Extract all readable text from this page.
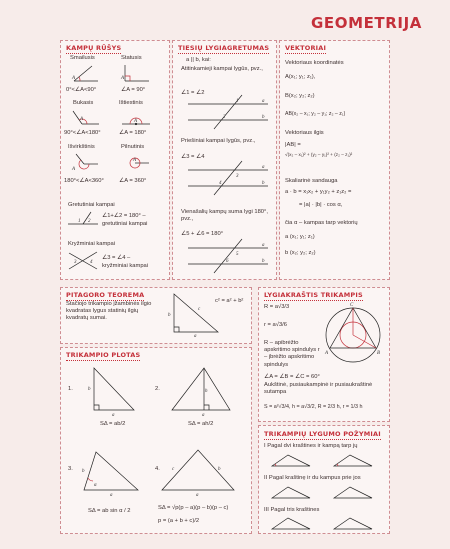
GEOMETRIJA
KAMPŲ RŪŠYS
Smailusis	Statusis
A	A
0°<∠A<90°	∠A = 90°
Bukasis	Ištiestinis
A	A
90°<∠A<180°	∠A = 180°
Išvirkštinis	Pilnutinis
A
A
180°<∠A<360°	∠A = 360°
Gretutiniai kampai
1 2
∠1+∠2 = 180° –
gretutiniai kampai
Kryžminiai kampai
3	4
∠3 = ∠4 –
kryžminiai kampai
TIESIŲ LYGIAGRETUMAS
a || b, kai:
Atitinkamieji kampai lygūs, pvz.,
∠1 = ∠2
a
b
1
2
Priešiniai kampai lygūs, pvz.,
∠3 = ∠4
a
b
3
4
Vienašalių kampų suma lygi 180°, pvz.,
∠5 + ∠6 = 180°
a
b
5
6
VEKTORIAI
Vektoriaus koordinatės
A(x₁; y₁; z₁),
B(x₂; y₂; z₂)
AB(x₂ – x₁; y₂ – y₁; z₂ – z₁)
Vektoriaus ilgis
|AB| =
√(x₂ – x₁)² + (y₂ – y₁)² + (z₂ – z₁)²
Skaliarinė sandauga
a · b = x₁x₂ + y₁y₂ + z₁z₂ =
= |a| · |b| · cos α,
čia α – kampas tarp vektorių
a (x₁; y₁; z₁)
b (x₂; y₂; z₂)
PITAGORO TEOREMA
Stačiojo trikampio įžambinės ilgio kvadratas lygus statinių ilgių kvadratų sumai.	b
c
a
c² = a² + b²
TRIKAMPIO PLOTAS
1.	b
a
SΔ = ab/2
2.	h
a
SΔ = ah/2
3. b
a
α
SΔ = ab sin α / 2
4. c	b
a
SΔ = √p(p – a)(p – b)(p – c)
p = (a + b + c)/2
LYGIAKRAŠTIS TRIKAMPIS
R = a√3/3
r = a√3/6
C
A	B
R – apibrėžto apskritimo spindulys r – įbrėžto apskritimo spindulys
∠A = ∠B = ∠C = 60°
Aukštinė, pusiaukampinė ir pusiaukraštinė sutampa
S = a²√3/4, h = a√3/2, R = 2/3 h, r = 1/3 h
TRIKAMPIŲ LYGUMO POŽYMIAI
I Pagal dvi kraštines ir kampą tarp jų
II Pagal kraštinę ir du kampus prie jos
III Pagal tris kraštines
